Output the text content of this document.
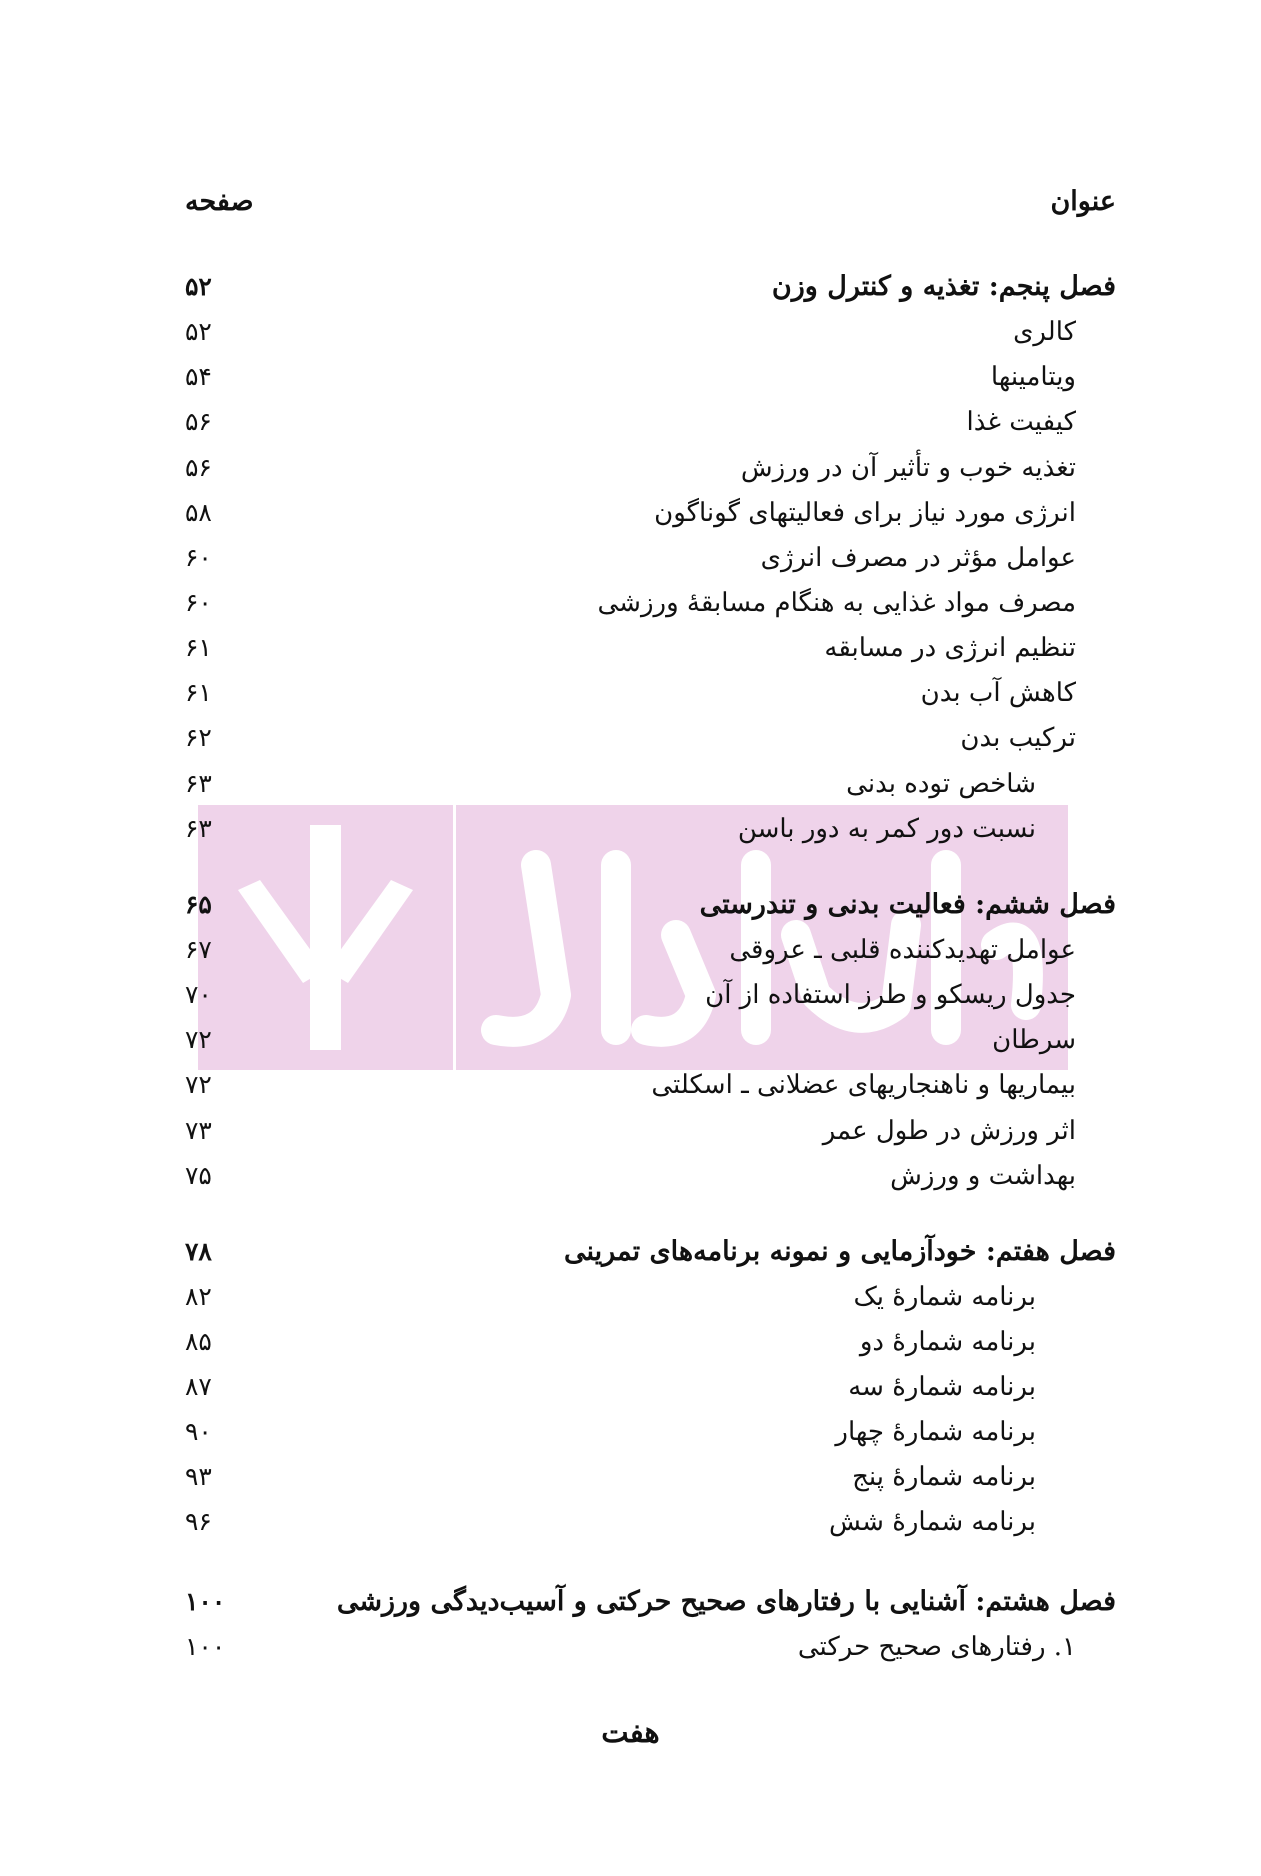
عنوان
صفحه
فصل پنجم: تغذیه و کنترل وزن
۵۲
کالری
۵۲
ویتامینها
۵۴
کیفیت غذا
۵۶
تغذیه خوب و تأثیر آن در ورزش
۵۶
انرژی مورد نیاز برای فعالیتهای گوناگون
۵۸
عوامل مؤثر در مصرف انرژی
۶۰
مصرف مواد غذایی به هنگام مسابقهٔ ورزشی
۶۰
تنظیم انرژی در مسابقه
۶۱
کاهش آب بدن
۶۱
ترکیب بدن
۶۲
شاخص توده بدنی
۶۳
نسبت دور کمر به دور باسن
۶۳
فصل ششم: فعالیت بدنی و تندرستی
۶۵
عوامل تهدیدکننده قلبی ـ عروقی
۶۷
جدول ریسکو و طرز استفاده از آن
۷۰
سرطان
۷۲
بیماریها و ناهنجاریهای عضلانی ـ اسکلتی
۷۲
اثر ورزش در طول عمر
۷۳
بهداشت و ورزش
۷۵
فصل هفتم: خودآزمایی و نمونه برنامه‌های تمرینی
۷۸
برنامه شمارهٔ یک
۸۲
برنامه شمارهٔ دو
۸۵
برنامه شمارهٔ سه
۸۷
برنامه شمارهٔ چهار
۹۰
برنامه شمارهٔ پنج
۹۳
برنامه شمارهٔ شش
۹۶
فصل هشتم: آشنایی با رفتارهای صحیح حرکتی و آسیب‌دیدگی ورزشی
۱۰۰
۱. رفتارهای صحیح حرکتی
۱۰۰
هفت
